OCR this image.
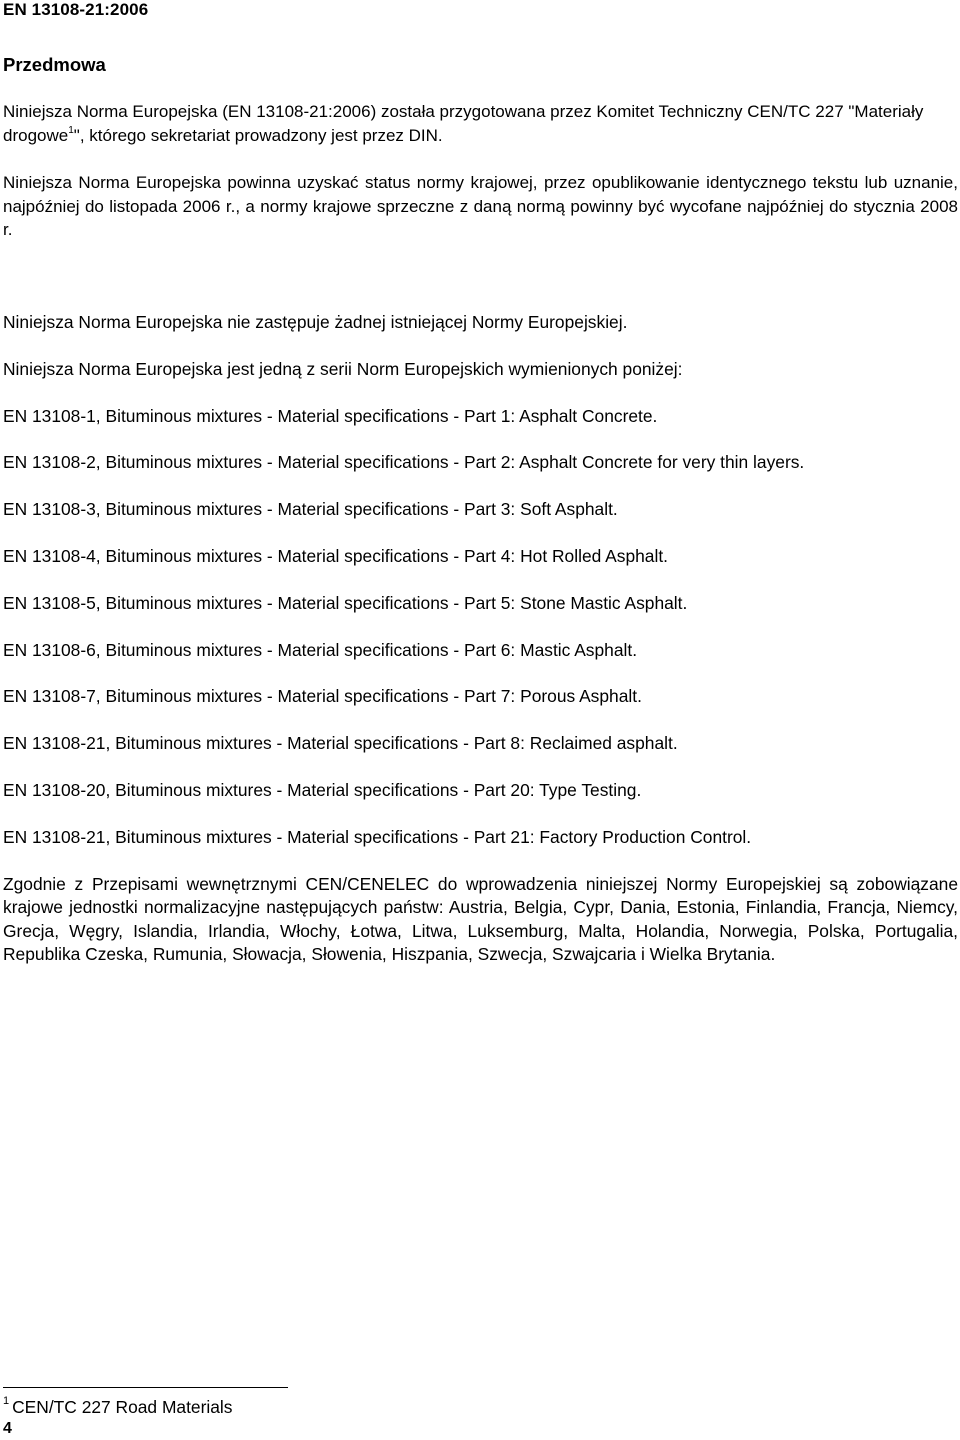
EN 13108-21:2006
Przedmowa

Niniejsza Norma Europejska (EN 13108-21:2006) została przygotowana przez Komitet Techniczny CEN/TC 227 "Materiały drogowe$^1$", którego sekretariat prowadzony jest przez DIN.

Niniejsza Norma Europejska powinna uzyskać status normy krajowej, przez opublikowanie identycznego tekstu lub uznanie, najpóźniej do listopada 2006 r., a normy krajowe sprzeczne z daną normą powinny być wycofane najpóźniej do stycznia 2008 r.

Niniejsza Norma Europejska nie zastępuje żadnej istniejącej Normy Europejskiej.

Niniejsza Norma Europejska jest jedną z serii Norm Europejskich wymienionych poniżej:

EN 13108-1, Bituminous mixtures - Material specifications - Part 1: Asphalt Concrete.

EN 13108-2, Bituminous mixtures - Material specifications - Part 2: Asphalt Concrete for very thin layers.

EN 13108-3, Bituminous mixtures - Material specifications - Part 3: Soft Asphalt.

EN 13108-4, Bituminous mixtures - Material specifications - Part 4: Hot Rolled Asphalt.

EN 13108-5, Bituminous mixtures - Material specifications - Part 5: Stone Mastic Asphalt.

EN 13108-6, Bituminous mixtures - Material specifications - Part 6: Mastic Asphalt.

EN 13108-7, Bituminous mixtures - Material specifications - Part 7: Porous Asphalt.

EN 13108-21, Bituminous mixtures - Material specifications - Part 8: Reclaimed asphalt.

EN 13108-20, Bituminous mixtures - Material specifications - Part 20: Type Testing.

EN 13108-21, Bituminous mixtures - Material specifications - Part 21: Factory Production Control.

Zgodnie z Przepisami wewnętrznymi CEN/CENELEC do wprowadzenia niniejszej Normy Europejskiej są zobowiązane krajowe jednostki normalizacyjne następujących państw: Austria, Belgia, Cypr, Dania, Estonia, Finlandia, Francja, Niemcy, Grecja, Węgry, Islandia, Irlandia, Włochy, Łotwa, Litwa, Luksemburg, Malta, Holandia, Norwegia, Polska, Portugalia, Republika Czeska, Rumunia, Słowacja, Słowenia, Hiszpania, Szwecja, Szwajcaria i Wielka Brytania.

$^1$ CEN/TC 227 Road Materials
4
